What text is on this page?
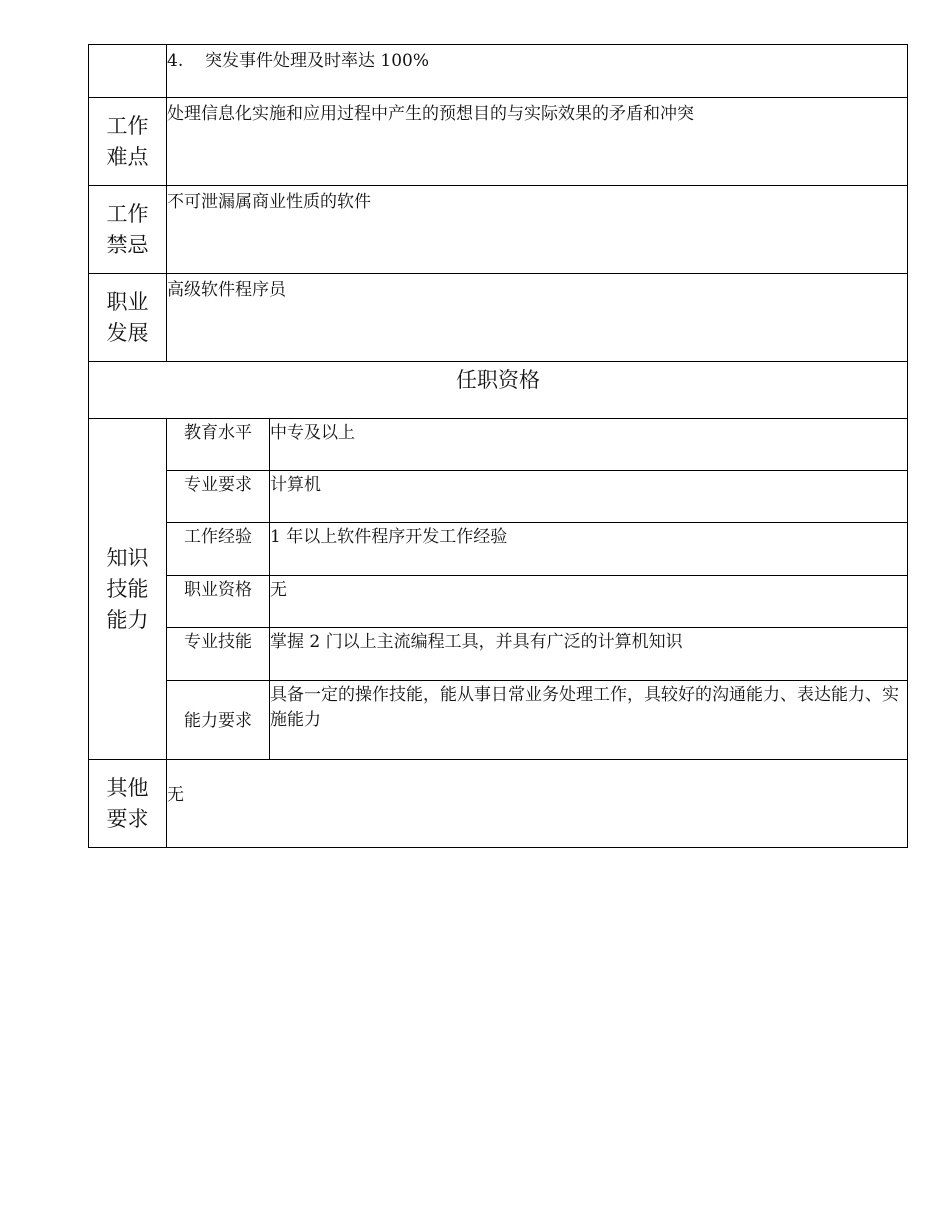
	4. 突发事件处理及时率达 100%	

工作
难点	处理信息化实施和应用过程中产生的预想目的与实际效果的矛盾和冲突	

工作
禁忌	不可泄漏属商业性质的软件	

职业
发展	高级软件程序员	
任职资格		

知识
技能
能力	教育水平	中专及以上
	专业要求	计算机
	工作经验	1 年以上软件程序开发工作经验
	职业资格	无
	专业技能	掌握 2 门以上主流编程工具，并具有广泛的计算机知识
	能力要求	具备一定的操作技能，能从事日常业务处理工作，具较好的沟通能力、表达能力、实施能力

其他
要求	无	
